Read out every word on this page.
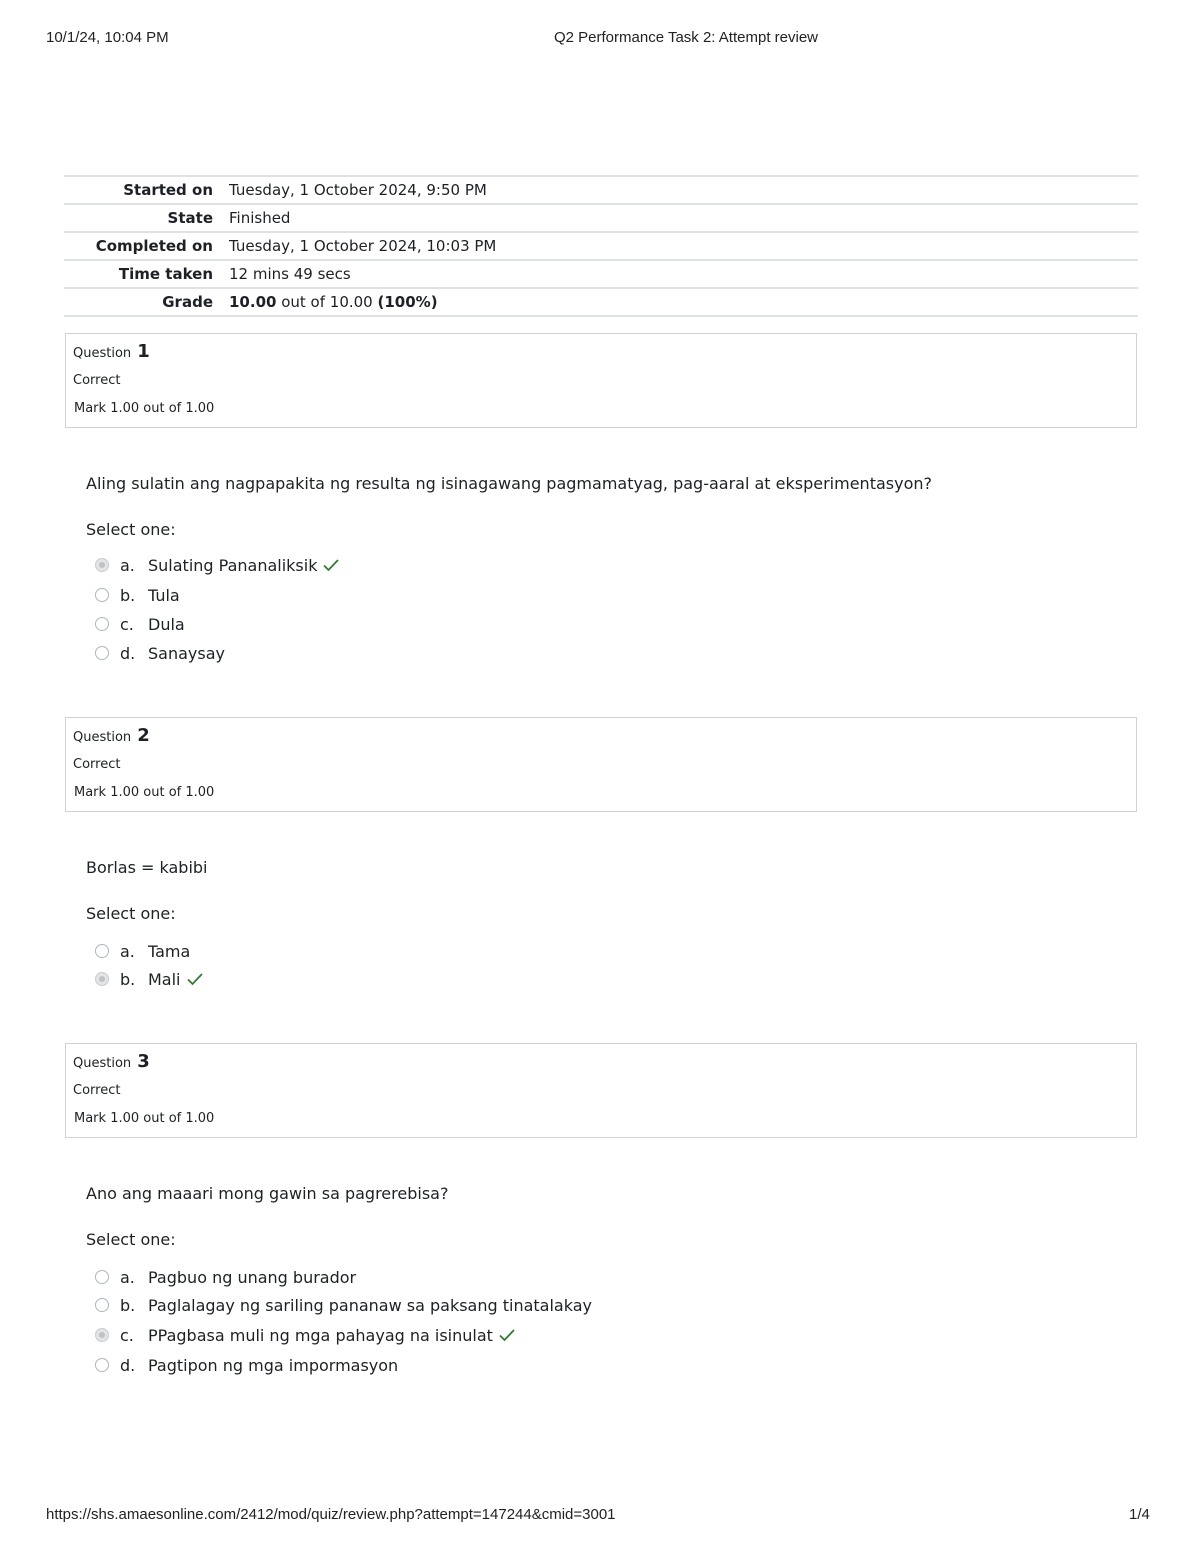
10/1/24, 10:04 PM	Q2 Performance Task 2: Attempt review
Started on	Tuesday, 1 October 2024, 9:50 PM
State	Finished
Completed on	Tuesday, 1 October 2024, 10:03 PM
Time taken	12 mins 49 secs
Grade	10.00 out of 10.00 (100%)
Question 1
Correct
Mark 1.00 out of 1.00
Aling sulatin ang nagpapakita ng resulta ng isinagawang pagmamatyag, pag-aaral at eksperimentasyon?
Select one:
a. Sulating Pananaliksik
b. Tula
c. Dula
d. Sanaysay
Question 2
Correct
Mark 1.00 out of 1.00
Borlas = kabibi
Select one:
a. Tama
b. Mali
Question 3
Correct
Mark 1.00 out of 1.00
Ano ang maaari mong gawin sa pagrerebisa?
Select one:
a. Pagbuo ng unang burador
b. Paglalagay ng sariling pananaw sa paksang tinatalakay
c. PPagbasa muli ng mga pahayag na isinulat
d. Pagtipon ng mga impormasyon
https://shs.amaesonline.com/2412/mod/quiz/review.php?attempt=147244&cmid=3001	1/4
